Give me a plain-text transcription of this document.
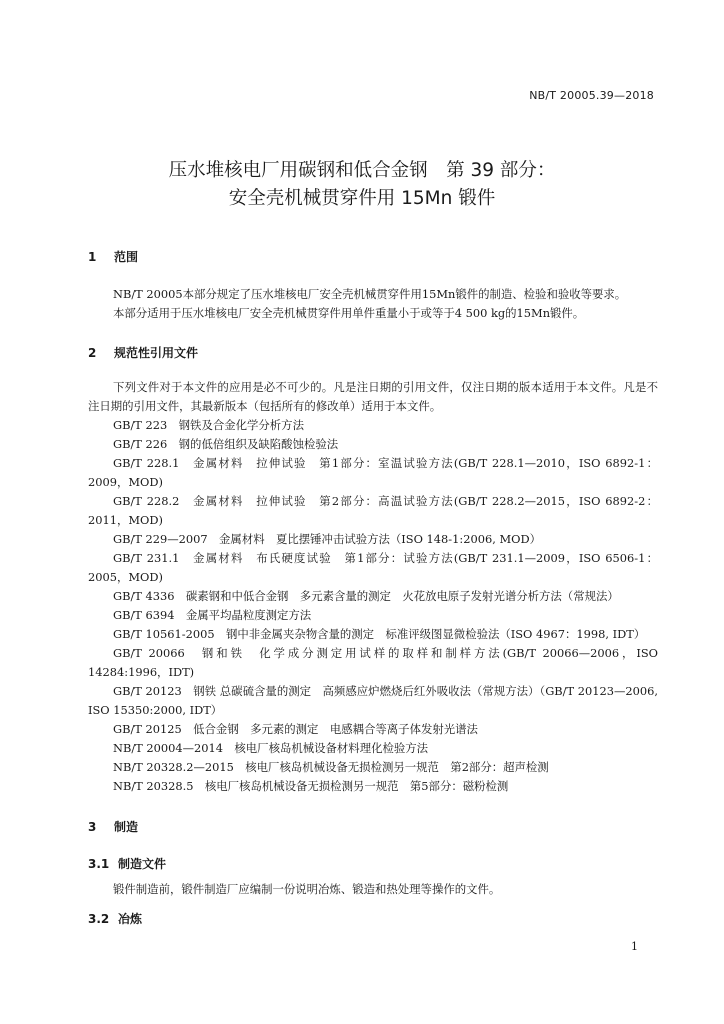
NB/T 20005.39—2018
压水堆核电厂用碳钢和低合金钢　第 39 部分：
安全壳机械贯穿件用 15Mn 锻件
1 范围

NB/T 20005本部分规定了压水堆核电厂安全壳机械贯穿件用15Mn锻件的制造、检验和验收等要求。

本部分适用于压水堆核电厂安全壳机械贯穿件用单件重量小于或等于4 500 kg的15Mn锻件。

2 规范性引用文件

下列文件对于本文件的应用是必不可少的。凡是注日期的引用文件，仅注日期的版本适用于本文件。凡是不注日期的引用文件，其最新版本（包括所有的修改单）适用于本文件。

GB/T 223　钢铁及合金化学分析方法
GB/T 226　钢的低倍组织及缺陷酸蚀检验法
GB/T 228.1　金属材料　拉伸试验　第1部分：室温试验方法(GB/T 228.1—2010，ISO 6892-1：2009，MOD)
GB/T 228.2　金属材料　拉伸试验　第2部分：高温试验方法(GB/T 228.2—2015，ISO 6892-2：2011，MOD)
GB/T 229—2007　金属材料　夏比摆锤冲击试验方法（ISO 148-1:2006, MOD）
GB/T 231.1　金属材料　布氏硬度试验　第1部分：试验方法(GB/T 231.1—2009，ISO 6506-1：2005，MOD)
GB/T 4336　碳素钢和中低合金钢　多元素含量的测定　火花放电原子发射光谱分析方法（常规法）
GB/T 6394　金属平均晶粒度测定方法
GB/T 10561-2005　钢中非金属夹杂物含量的测定　标准评级图显微检验法（ISO 4967：1998, IDT）
GB/T 20066　钢和铁　化学成分测定用试样的取样和制样方法(GB/T 20066—2006，ISO 14284:1996，IDT)
GB/T 20123　钢铁 总碳硫含量的测定　高频感应炉燃烧后红外吸收法（常规方法）（GB/T 20123—2006, ISO 15350:2000, IDT）
GB/T 20125　低合金钢　多元素的测定　电感耦合等离子体发射光谱法
NB/T 20004—2014　核电厂核岛机械设备材料理化检验方法
NB/T 20328.2—2015　核电厂核岛机械设备无损检测另一规范　第2部分：超声检测
NB/T 20328.5　核电厂核岛机械设备无损检测另一规范　第5部分：磁粉检测
3 制造
3.1 制造文件

锻件制造前，锻件制造厂应编制一份说明冶炼、锻造和热处理等操作的文件。

3.2 冶炼
1
